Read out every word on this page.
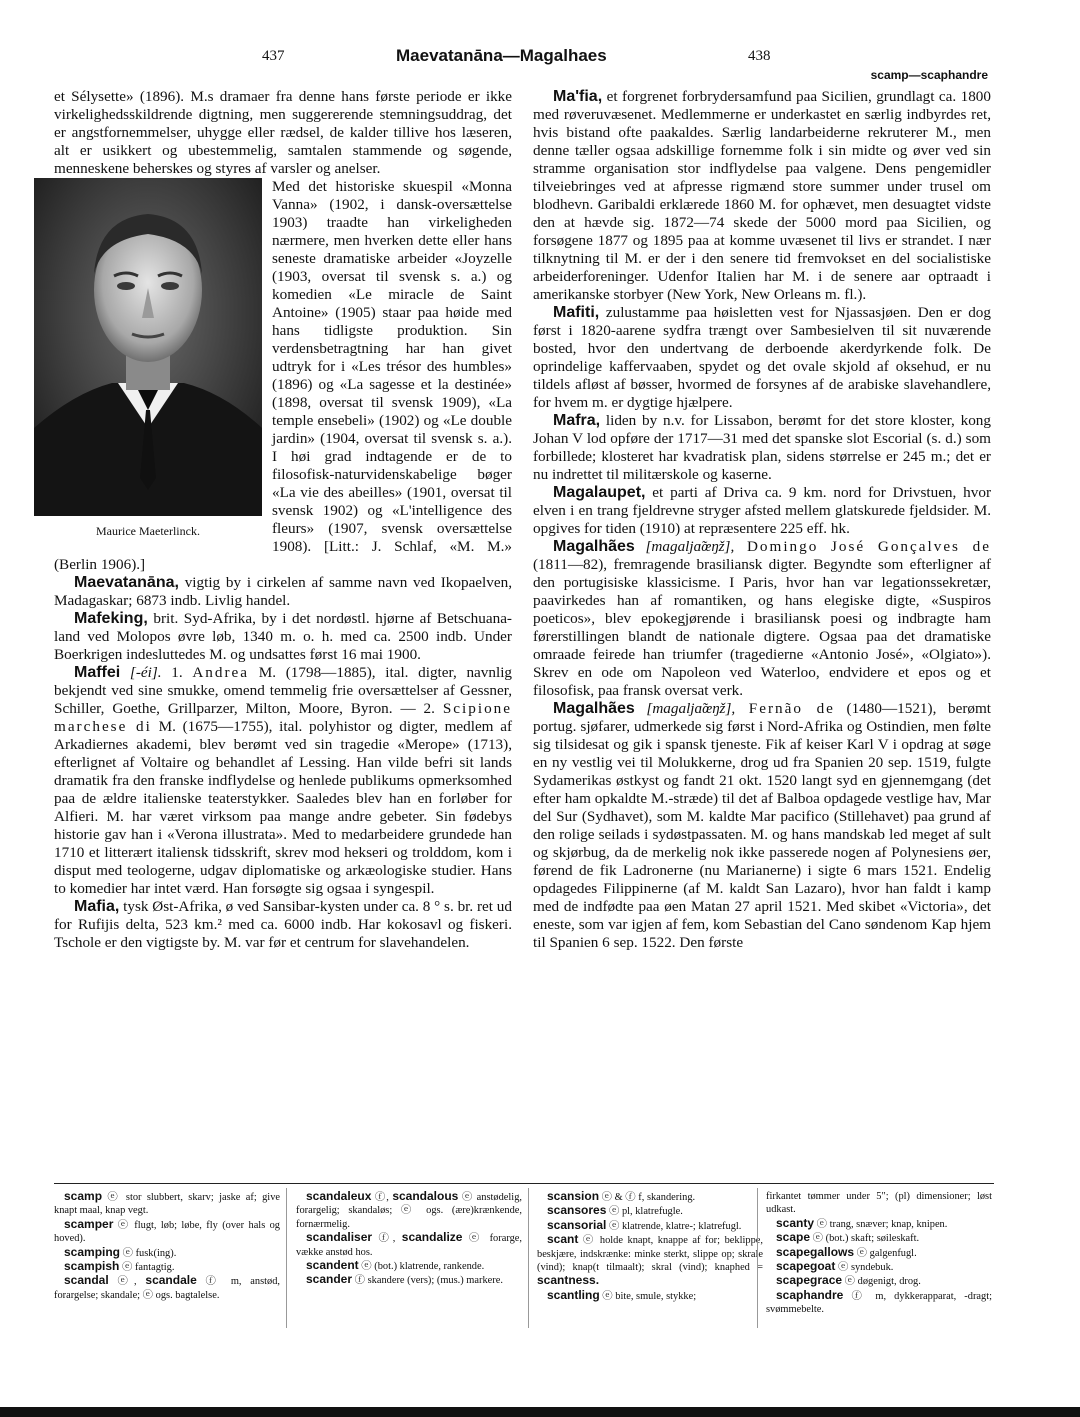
437	Maevatanāna—Magalhaes	438
scamp—scaphandre

et Sélysette» (1896). M.s dramaer fra denne hans første periode er ikke virkelighedsskildrende digtning, men suggererende stemningsuddrag, det er angstfornemmelser, uhygge eller rædsel, de kalder tillive hos læseren, alt er usikkert og ubestemmelig, samtalen stammende og søgende, menneskene beherskes og styres af varsler og anelser.

Maurice Maeterlinck.

Med det historiske skuespil «Monna Vanna» (1902, i dansk-oversættelse 1903) traadte han virkeligheden nærmere, men hverken dette eller hans seneste dramatiske arbeider «Joyzelle (1903, oversat til svensk s. a.) og komedien «Le miracle de Saint Antoine» (1905) staar paa høide med hans tidligste produktion. Sin verdensbetragtning har han givet udtryk for i «Les trésor des humbles» (1896) og «La sagesse et la destinée» (1898, oversat til svensk 1909), «La temple ensebeli» (1902) og «Le double jardin» (1904, oversat til svensk s. a.). I høi grad indtagende er de to filosofisk-naturvidenskabelige bøger «La vie des abeilles» (1901, oversat til svensk 1902) og «L'intelligence des fleurs» (1907, svensk oversættelse 1908). [Litt.: J. Schlaf, «M. M.» (Berlin 1906).]

Maevatanāna, vigtig by i cirkelen af samme navn ved Ikopaelven, Madagaskar; 6873 indb. Livlig handel.

Mafeking, brit. Syd-Afrika, by i det nordøstl. hjørne af Betschuana-land ved Molopos øvre løb, 1340 m. o. h. med ca. 2500 indb. Under Boerkrigen indesluttedes M. og undsattes først 16 mai 1900.

Maffei [-éi]. 1. Andrea M. (1798—1885), ital. digter, navnlig bekjendt ved sine smukke, omend temmelig frie oversættelser af Gessner, Schiller, Goethe, Grillparzer, Milton, Moore, Byron. — 2. Scipione marchese di M. (1675—1755), ital. polyhistor og digter, medlem af Arkadiernes akademi, blev berømt ved sin tragedie «Merope» (1713), efterlignet af Voltaire og behandlet af Lessing. Han vilde befri sit lands dramatik fra den franske indflydelse og henlede publikums opmerksomhed paa de ældre italienske teaterstykker. Saaledes blev han en forløber for Alfieri. M. har været virksom paa mange andre gebeter. Sin fødebys historie gav han i «Verona illustrata». Med to medarbeidere grundede han 1710 et litterært italiensk tidsskrift, skrev mod hekseri og trolddom, kom i disput med teologerne, udgav diplomatiske og arkæologiske studier. Hans to komedier har intet værd. Han forsøgte sig ogsaa i syngespil.

Mafia, tysk Øst-Afrika, ø ved Sansibar-kysten under ca. 8 ° s. br. ret ud for Rufijis delta, 523 km.² med ca. 6000 indb. Har kokosavl og fiskeri. Tschole er den vigtigste by. M. var før et centrum for slavehandelen.

Ma'fia, et forgrenet forbrydersamfund paa Sicilien, grundlagt ca. 1800 med røveruvæsenet. Medlemmerne er underkastet en særlig indbyrdes ret, hvis bistand ofte paakaldes. Særlig landarbeiderne rekruterer M., men denne tæller ogsaa adskillige fornemme folk i sin midte og øver ved sin stramme organisation stor indflydelse paa valgene. Dens pengemidler tilveiebringes ved at afpresse rigmænd store summer under trusel om blodhevn. Garibaldi erklærede 1860 M. for ophævet, men desuagtet vidste den at hævde sig. 1872—74 skede der 5000 mord paa Sicilien, og forsøgene 1877 og 1895 paa at komme uvæsenet til livs er strandet. I nær tilknytning til M. er der i den senere tid fremvokset en del socialistiske arbeiderforeninger. Udenfor Italien har M. i de senere aar optraadt i amerikanske storbyer (New York, New Orleans m. fl.).

Mafiti, zulustamme paa høisletten vest for Njassasjøen. Den er dog først i 1820-aarene sydfra trængt over Sambesielven til sit nuværende bosted, hvor den undertvang de derboende akerdyrkende folk. De oprindelige kaffervaaben, spydet og det ovale skjold af oksehud, er nu tildels afløst af bøsser, hvormed de forsynes af de arabiske slavehandlere, for hvem m. er dygtige hjælpere.

Mafra, liden by n.v. for Lissabon, berømt for det store kloster, kong Johan V lod opføre der 1717—31 med det spanske slot Escorial (s. d.) som forbillede; klosteret har kvadratisk plan, sidens størrelse er 245 m.; det er nu indrettet til militærskole og kaserne.

Magalaupet, et parti af Driva ca. 9 km. nord for Drivstuen, hvor elven i en trang fjeldrevne stryger afsted mellem glatskurede fjeldsider. M. opgives for tiden (1910) at repræsentere 225 eff. hk.

Magalhães [magaljɑ̃œŋž], Domingo José Gonçalves de (1811—82), fremragende brasiliansk digter. Begyndte som efterligner af den portugisiske klassicisme. I Paris, hvor han var legationssekretær, paavirkedes han af romantiken, og hans elegiske digte, «Suspiros poeticos», blev epokegjørende i brasiliansk poesi og indbragte ham førerstillingen blandt de nationale digtere. Ogsaa paa det dramatiske omraade feirede han triumfer (tragedierne «Antonio José», «Olgiato»). Skrev en ode om Napoleon ved Waterloo, endvidere et epos og et filosofisk, paa fransk oversat verk.

Magalhães [magaljɑ̃œŋž], Fernão de (1480—1521), berømt portug. sjøfarer, udmerkede sig først i Nord-Afrika og Ostindien, men følte sig tilsidesat og gik i spansk tjeneste. Fik af keiser Karl V i opdrag at søge en ny vestlig vei til Molukkerne, drog ud fra Spanien 20 sep. 1519, fulgte Sydamerikas østkyst og fandt 21 okt. 1520 langt syd en gjennemgang (det efter ham opkaldte M.-stræde) til det af Balboa opdagede vestlige hav, Mar del Sur (Sydhavet), som M. kaldte Mar pacifico (Stillehavet) paa grund af den rolige seilads i sydøstpassaten. M. og hans mandskab led meget af sult og skjørbug, da de merkelig nok ikke passerede nogen af Polynesiens øer, førend de fik Ladronerne (nu Marianerne) i sigte 6 mars 1521. Endelig opdagedes Filippinerne (af M. kaldt San Lazaro), hvor han faldt i kamp med de indfødte paa øen Matan 27 april 1521. Med skibet «Victoria», det eneste, som var igjen af fem, kom Sebastian del Cano søndenom Kap hjem til Spanien 6 sep. 1522. Den første

scamp ⓔ stor slubbert, skarv; jaske af; give knapt maal, knap vegt.

scamper ⓔ flugt, løb; løbe, fly (over hals og hoved).

scamping ⓔ fusk(ing).

scampish ⓔ fantagtig.

scandal ⓔ, scandale ⓕ m, anstød, forargelse; skandale; ⓔ ogs. bagtalelse.

scandaleux ⓕ, scandalous ⓔ anstødelig, forargelig; skandaløs; ⓔ ogs. (ære)krænkende, fornærmelig.

scandaliser ⓕ, scandalize ⓔ forarge, vække anstød hos.

scandent ⓔ (bot.) klatrende, rankende.

scander ⓕ skandere (vers); (mus.) markere.

scansion ⓔ & ⓕ f, skandering.

scansores ⓔ pl, klatrefugle.

scansorial ⓔ klatrende, klatre-; klatrefugl.

scant ⓔ holde knapt, knappe af for; beklippe, beskjære, indskrænke: minke sterkt, slippe op; skrale (vind); knap(t tilmaalt); skral (vind); knaphed = scantness.

scantling ⓔ bite, smule, stykke;

firkantet tømmer under 5"; (pl) dimensioner; løst udkast.

scanty ⓔ trang, snæver; knap, knipen.

scape ⓔ (bot.) skaft; søileskaft.

scapegallows ⓔ galgenfugl.

scapegoat ⓔ syndebuk.

scapegrace ⓔ døgenigt, drog.

scaphandre ⓕ m, dykkerapparat, -dragt; svømmebelte.
